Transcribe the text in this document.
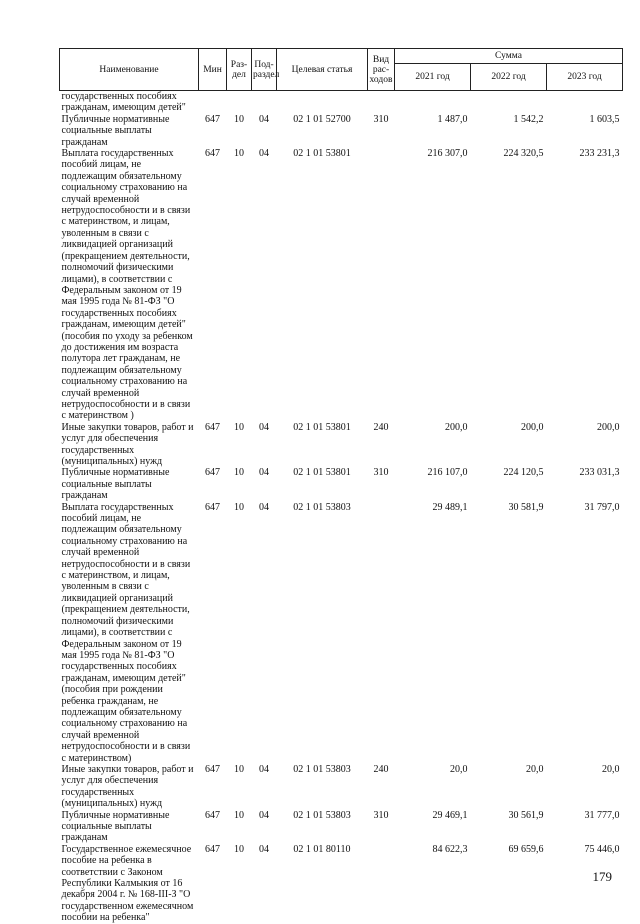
Наименование	Мин	Раз-дел	Под-раздел	Целевая статья	Вид рас-ходов	Сумма		
						2021 год	2022 год	2023 год
государственных пособиях гражданам, имеющим детей"								
Публичные нормативные социальные выплаты гражданам	647	10	04	02 1 01 52700	310	1 487,0	1 542,2	1 603,5
Выплата государственных пособий лицам, не подлежащим обязательному социальному страхованию на случай временной нетрудоспособности и в связи с материнством, и лицам, уволенным в связи с ликвидацией организаций (прекращением деятельности, полномочий физическими лицами), в соответствии с Федеральным законом от 19 мая 1995 года № 81-ФЗ "О государственных пособиях гражданам, имеющим детей" (пособия по уходу за ребенком до достижения им возраста полутора лет гражданам, не подлежащим обязательному социальному страхованию на случай временной нетрудоспособности и в связи с материнством )	647	10	04	02 1 01 53801		216 307,0	224 320,5	233 231,3
Иные закупки товаров, работ и услуг для обеспечения государственных (муниципальных) нужд	647	10	04	02 1 01 53801	240	200,0	200,0	200,0
Публичные нормативные социальные выплаты гражданам	647	10	04	02 1 01 53801	310	216 107,0	224 120,5	233 031,3
Выплата государственных пособий лицам, не подлежащим обязательному социальному страхованию на случай временной нетрудоспособности и в связи с материнством, и лицам, уволенным в связи с ликвидацией организаций (прекращением деятельности, полномочий физическими лицами), в соответствии с Федеральным законом от 19 мая 1995 года № 81-ФЗ "О государственных пособиях гражданам, имеющим детей" (пособия при рождении ребенка гражданам, не подлежащим обязательному социальному страхованию на случай временной нетрудоспособности и в связи с материнством)	647	10	04	02 1 01 53803		29 489,1	30 581,9	31 797,0
Иные закупки товаров, работ и услуг для обеспечения государственных (муниципальных) нужд	647	10	04	02 1 01 53803	240	20,0	20,0	20,0
Публичные нормативные социальные выплаты гражданам	647	10	04	02 1 01 53803	310	29 469,1	30 561,9	31 777,0
Государственное ежемесячное пособие на ребенка в соответствии с Законом Республики Калмыкия от 16 декабря 2004 г. № 168-III-З "О государственном ежемесячном пособии на ребенка"	647	10	04	02 1 01 80110		84 622,3	69 659,6	75 446,0
179
